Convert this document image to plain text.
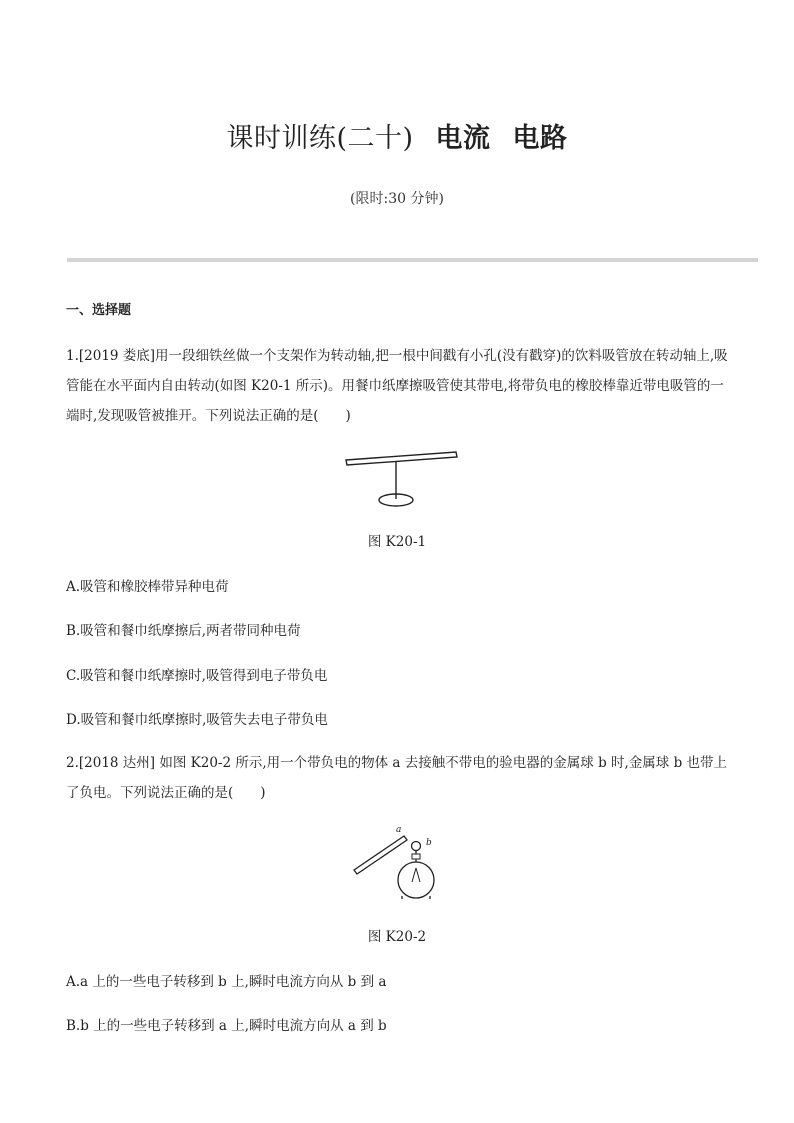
课时训练(二十) 电流 电路
(限时:30 分钟)
一、选择题
1.[2019 娄底]用一段细铁丝做一个支架作为转动轴,把一根中间戳有小孔(没有戳穿)的饮料吸管放在转动轴上,吸管能在水平面内自由转动(如图 K20-1 所示)。用餐巾纸摩擦吸管使其带电,将带负电的橡胶棒靠近带电吸管的一端时,发现吸管被推开。下列说法正确的是(　　)
图 K20-1
A.吸管和橡胶棒带异种电荷
B.吸管和餐巾纸摩擦后,两者带同种电荷
C.吸管和餐巾纸摩擦时,吸管得到电子带负电
D.吸管和餐巾纸摩擦时,吸管失去电子带负电
2.[2018 达州] 如图 K20-2 所示,用一个带负电的物体 a 去接触不带电的验电器的金属球 b 时,金属球 b 也带上了负电。下列说法正确的是(　　)
a
b
图 K20-2
A.a 上的一些电子转移到 b 上,瞬时电流方向从 b 到 a
B.b 上的一些电子转移到 a 上,瞬时电流方向从 a 到 b
